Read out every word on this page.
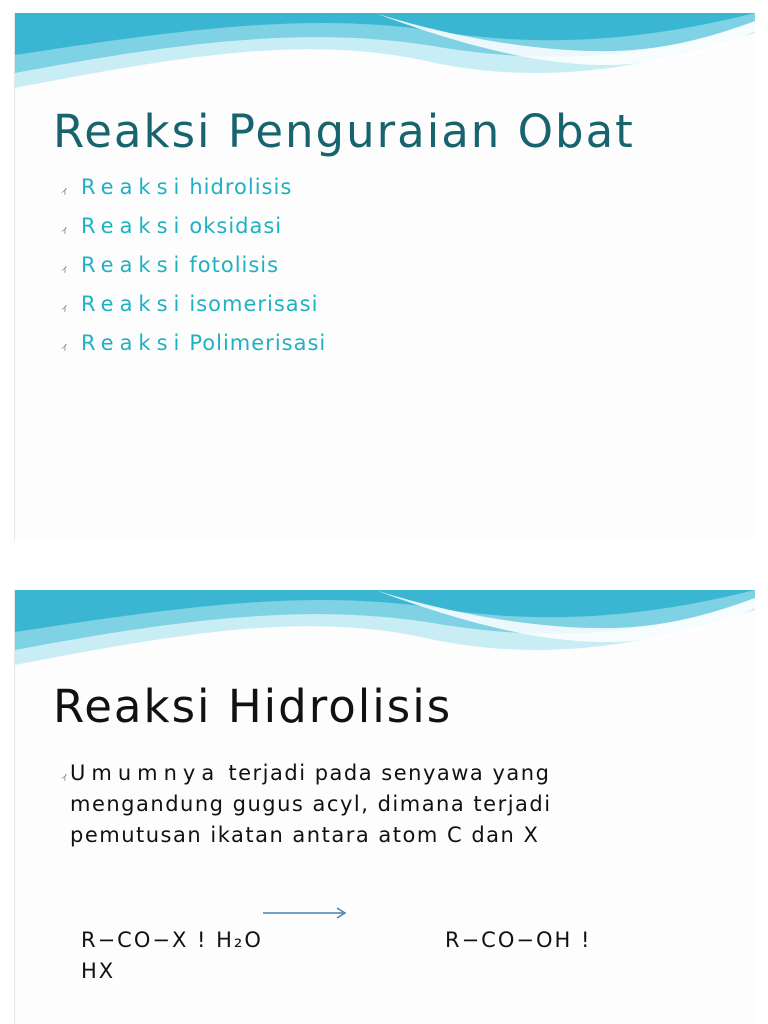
Reaksi Penguraian Obat
ィ Reaksi hidrolisis
ィ Reaksi oksidasi
ィ Reaksi fotolisis
ィ Reaksi isomerisasi
ィ Reaksi Polimerisasi
Reaksi Hidrolisis
ィ Umumnya terjadi pada senyawa yang mengandung gugus acyl, dimana terjadi pemutusan ikatan antara atom C dan X
R−CO−X ! H₂O	R−CO−OH !
HX
